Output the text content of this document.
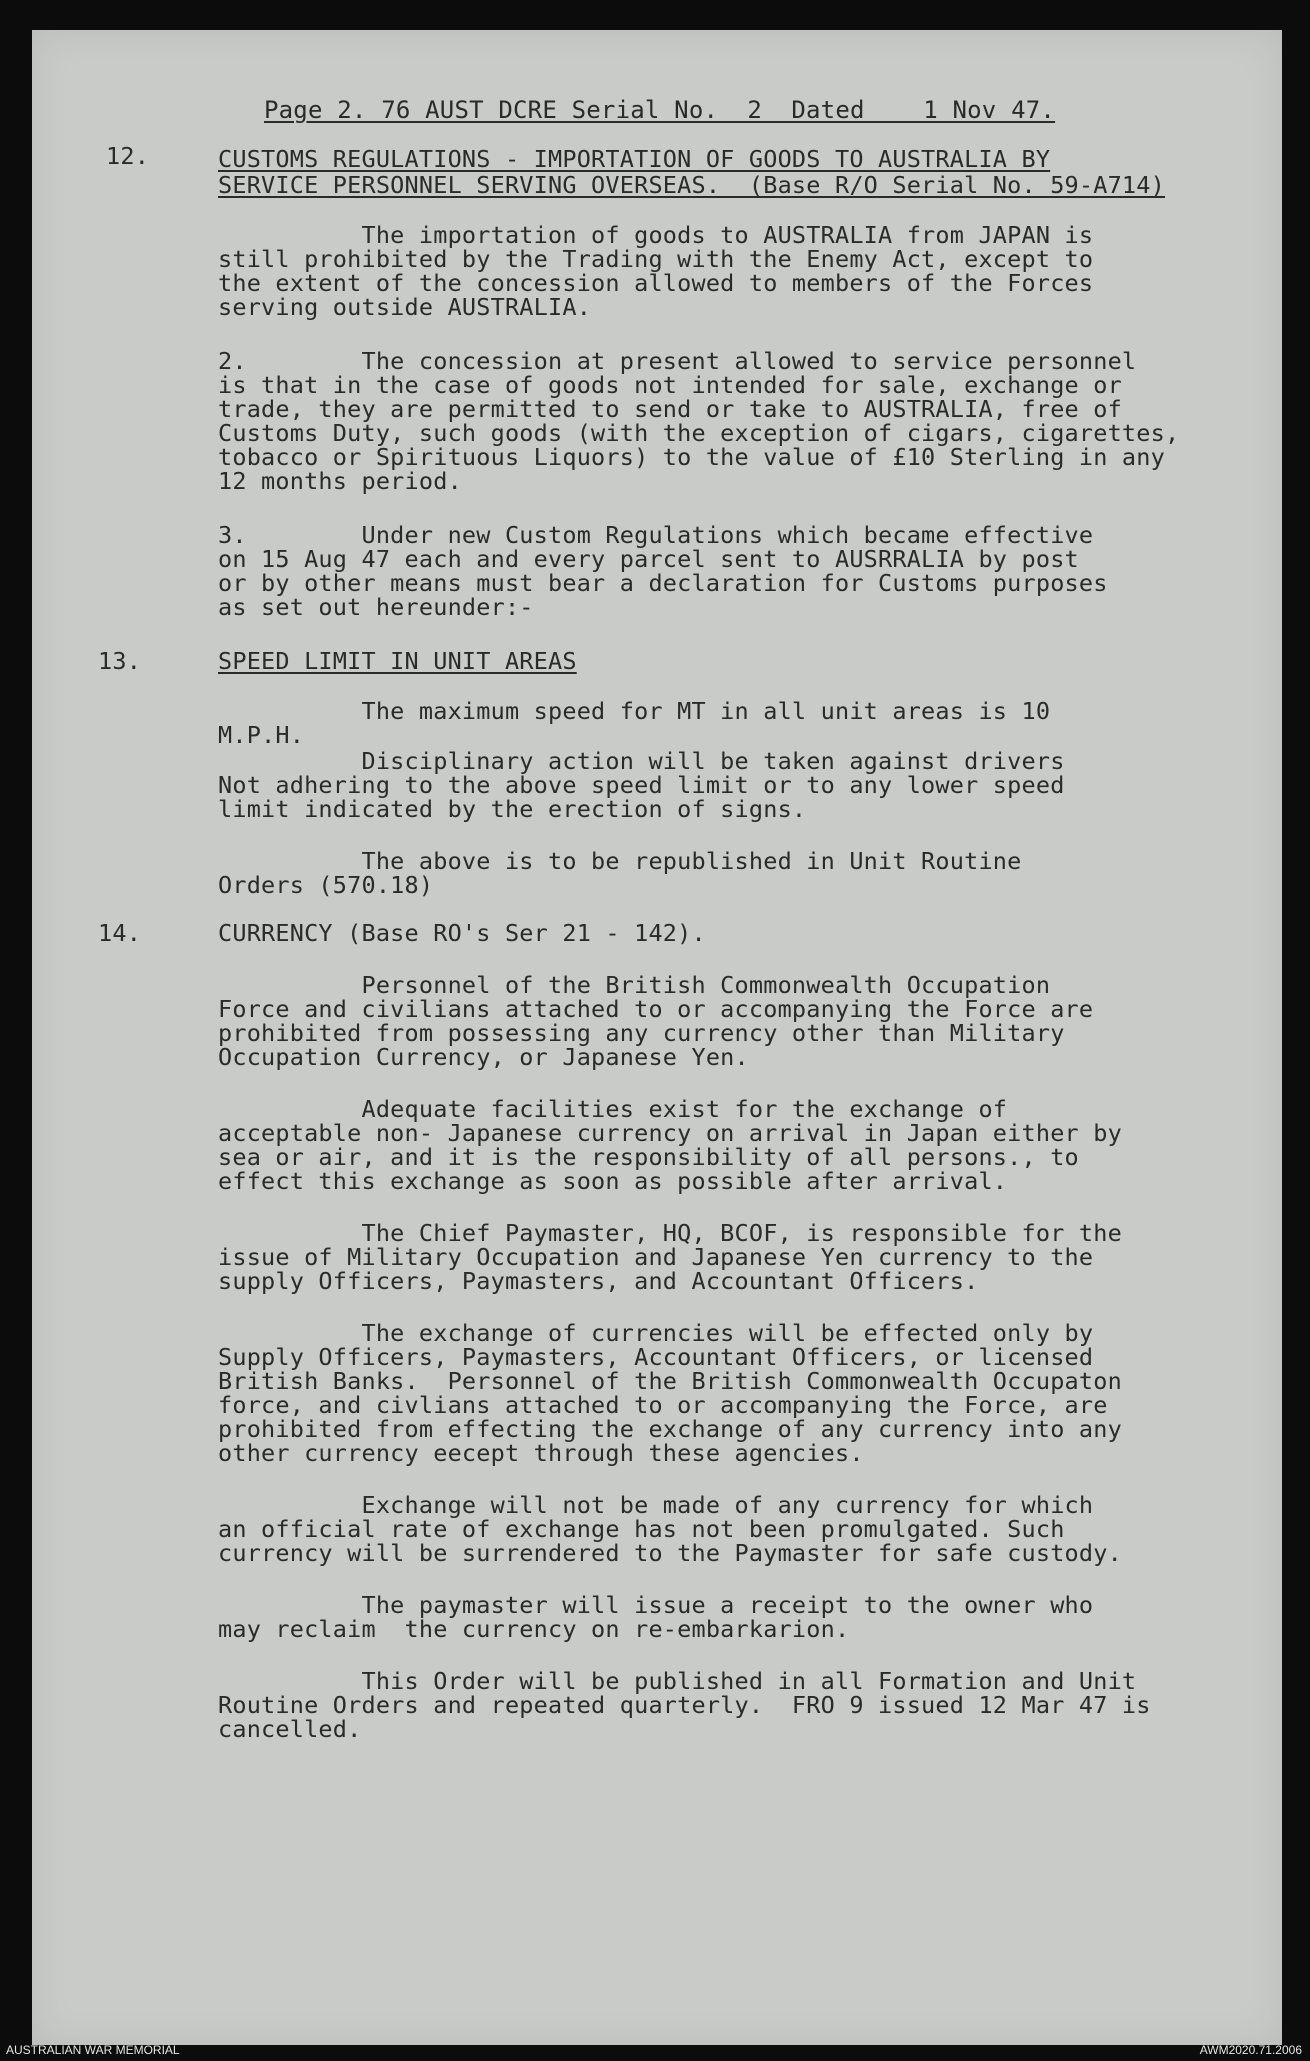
Page 2. 76 AUST DCRE Serial No.  2  Dated    1 Nov 47.
12.	CUSTOMS REGULATIONS - IMPORTATION OF GOODS TO AUSTRALIA BY
SERVICE PERSONNEL SERVING OVERSEAS.  (Base R/O Serial No. 59-A714)
The importation of goods to AUSTRALIA from JAPAN is
still prohibited by the Trading with the Enemy Act, except to
the extent of the concession allowed to members of the Forces
serving outside AUSTRALIA.
2.        The concession at present allowed to service personnel
is that in the case of goods not intended for sale, exchange or
trade, they are permitted to send or take to AUSTRALIA, free of
Customs Duty, such goods (with the exception of cigars, cigarettes,
tobacco or Spirituous Liquors) to the value of £10 Sterling in any
12 months period.
3.        Under new Custom Regulations which became effective
on 15 Aug 47 each and every parcel sent to AUSRRALIA by post
or by other means must bear a declaration for Customs purposes
as set out hereunder:-
13.	SPEED LIMIT IN UNIT AREAS
The maximum speed for MT in all unit areas is 10
M.P.H.
Disciplinary action will be taken against drivers
Not adhering to the above speed limit or to any lower speed
limit indicated by the erection of signs.
The above is to be republished in Unit Routine
Orders (570.18)
14.	CURRENCY (Base RO's Ser 21 - 142).
Personnel of the British Commonwealth Occupation
Force and civilians attached to or accompanying the Force are
prohibited from possessing any currency other than Military
Occupation Currency, or Japanese Yen.
Adequate facilities exist for the exchange of
acceptable non- Japanese currency on arrival in Japan either by
sea or air, and it is the responsibility of all persons., to
effect this exchange as soon as possible after arrival.
The Chief Paymaster, HQ, BCOF, is responsible for the
issue of Military Occupation and Japanese Yen currency to the
supply Officers, Paymasters, and Accountant Officers.
The exchange of currencies will be effected only by
Supply Officers, Paymasters, Accountant Officers, or licensed
British Banks.  Personnel of the British Commonwealth Occupaton
force, and civlians attached to or accompanying the Force, are
prohibited from effecting the exchange of any currency into any
other currency eecept through these agencies.
Exchange will not be made of any currency for which
an official rate of exchange has not been promulgated. Such
currency will be surrendered to the Paymaster for safe custody.
The paymaster will issue a receipt to the owner who
may reclaim  the currency on re-embarkarion.
This Order will be published in all Formation and Unit
Routine Orders and repeated quarterly.  FRO 9 issued 12 Mar 47 is
cancelled.
AUSTRALIAN WAR MEMORIAL	AWM2020.71.2006
